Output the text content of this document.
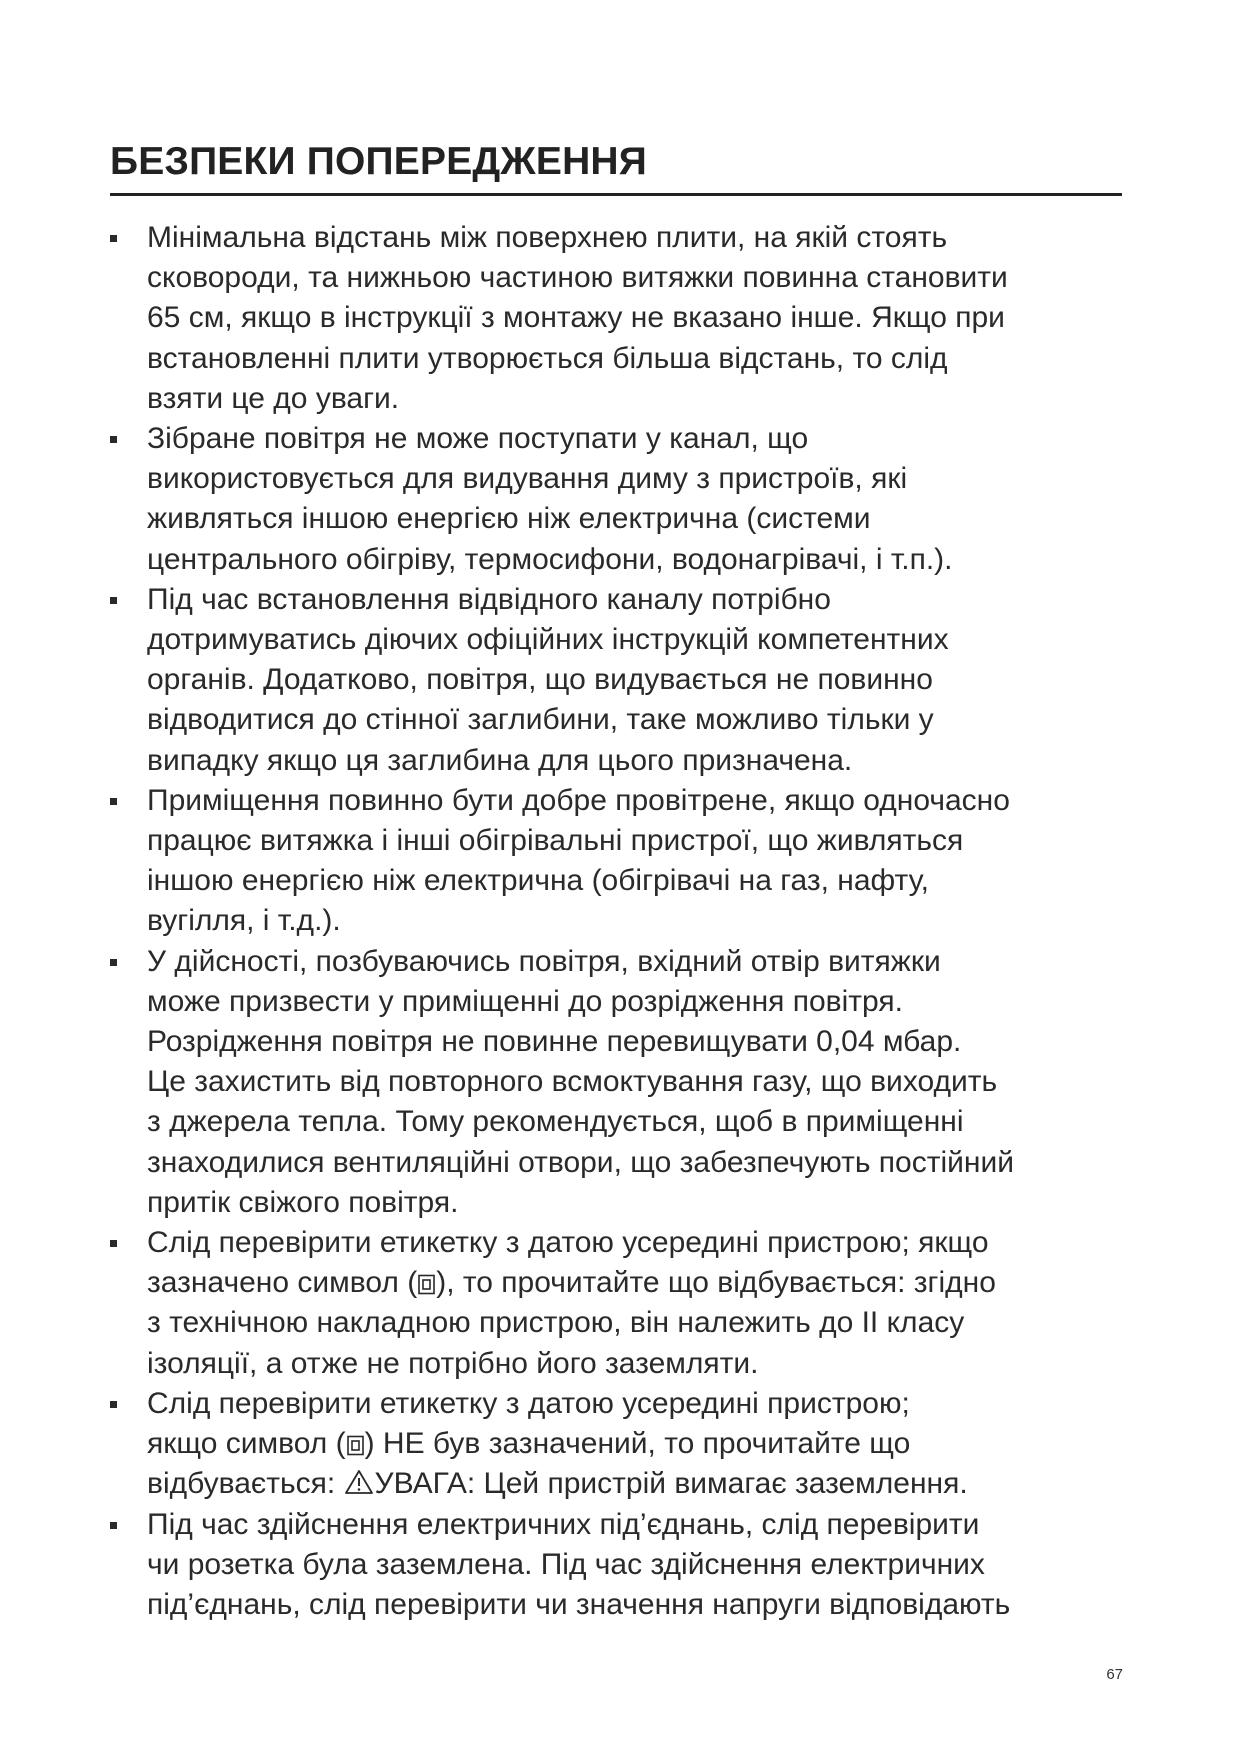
БЕЗПЕКИ ПОПЕРЕДЖЕННЯ
Мінімальна відстань між поверхнею плити, на якій стоять
сковороди, та нижньою частиною витяжки повинна становити
65 см, якщо в інструкції з монтажу не вказано інше. Якщо при
встановленні плити утворюється більша відстань, то слід
взяти це до уваги.
Зібране повітря не може поступати у канал, що
використовується для видування диму з пристроїв, які
живляться іншою енергією ніж електрична (системи
центрального обігріву, термосифони, водонагрівачі, і т.п.).
Під час встановлення відвідного каналу потрібно
дотримуватись діючих офіційних інструкцій компетентних
органів. Додатково, повітря, що видувається не повинно
відводитися до стінної заглибини, таке можливо тільки у
випадку якщо ця заглибина для цього призначена.
Приміщення повинно бути добре провітрене, якщо одночасно
працює витяжка і інші обігрівальні пристрої, що живляться
іншою енергією ніж електрична (обігрівачі на газ, нафту,
вугілля, і т.д.).
У дійсності, позбуваючись повітря, вхідний отвір витяжки
може призвести у приміщенні до розрідження повітря.
Розрідження повітря не повинне перевищувати 0,04 мбар.
Це захистить від повторного всмоктування газу, що виходить
з джерела тепла. Тому рекомендується, щоб в приміщенні
знаходилися вентиляційні отвори, що забезпечують постійний
притік свіжого повітря.
Слід перевірити етикетку з датою усередині пристрою; якщо
зазначено символ ( ), то прочитайте що відбувається: згідно
з технічною накладною пристрою, він належить до II класу
ізоляції, а отже не потрібно його заземляти.
Слід перевірити етикетку з датою усередині пристрою;
якщо символ ( ) НЕ був зазначений, то прочитайте що
відбувається: УВАГА: Цей пристрій вимагає заземлення.
Під час здійснення електричних під’єднань, слід перевірити
чи розетка була заземлена. Під час здійснення електричних
під’єднань, слід перевірити чи значення напруги відповідають
67
